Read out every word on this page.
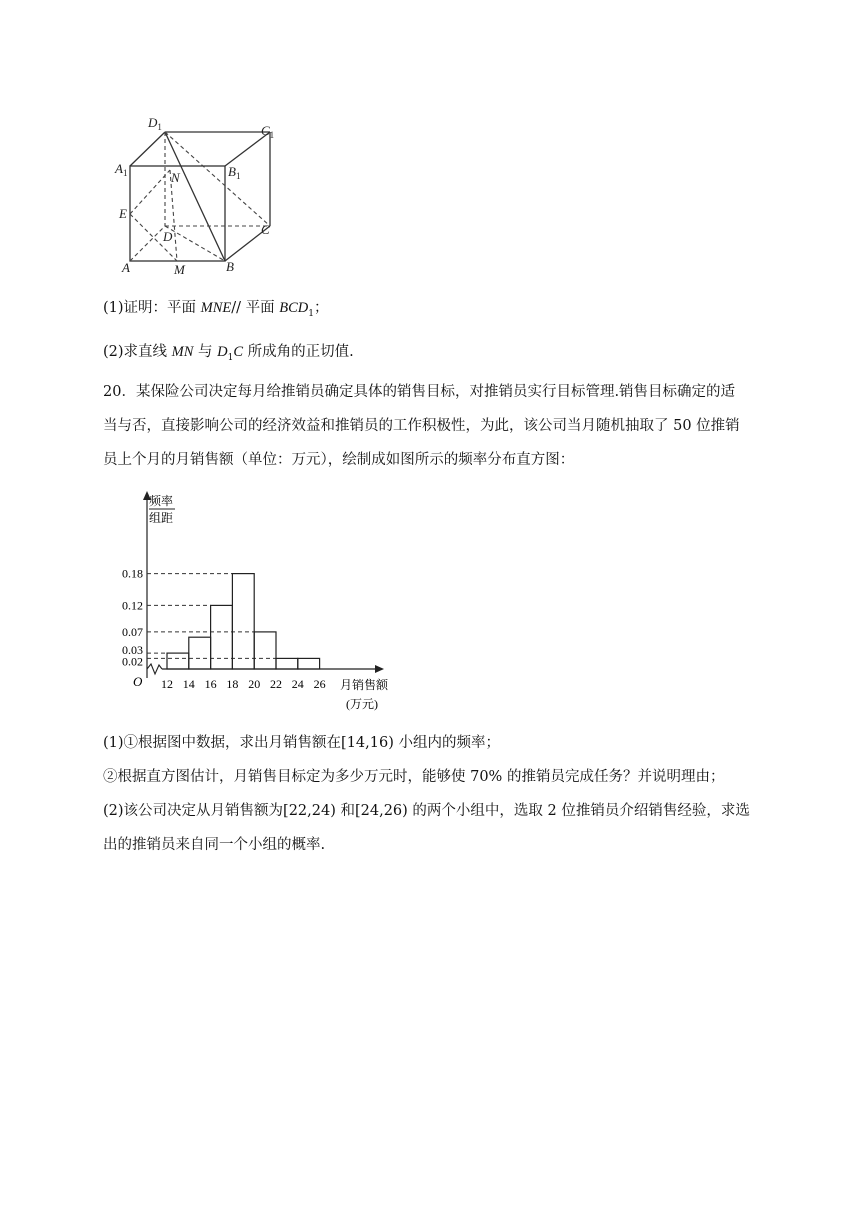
$D_1$	$C_1$
$A_1$	$B_1$
N
E
D	C
A	M	B
(1)证明：平面 MNE// 平面 $BCD_1$；
(2)求直线 MN 与 $D_1C$ 所成角的正切值.
20．某保险公司决定每月给推销员确定具体的销售目标，对推销员实行目标管理.销售目标确定的适
当与否，直接影响公司的经济效益和推销员的工作积极性，为此，该公司当月随机抽取了 50 位推销
员上个月的月销售额（单位：万元），绘制成如图所示的频率分布直方图：
频率
组距
O	月销售额
(万元)
0.18
0.12
0.07
0.03
0.02
12 14 16 18 20 22 24 26
(1)①根据图中数据，求出月销售额在[14,16) 小组内的频率；
②根据直方图估计，月销售目标定为多少万元时，能够使 70% 的推销员完成任务？并说明理由；
(2)该公司决定从月销售额为[22,24) 和[24,26) 的两个小组中，选取 2 位推销员介绍销售经验，求选
出的推销员来自同一个小组的概率.
